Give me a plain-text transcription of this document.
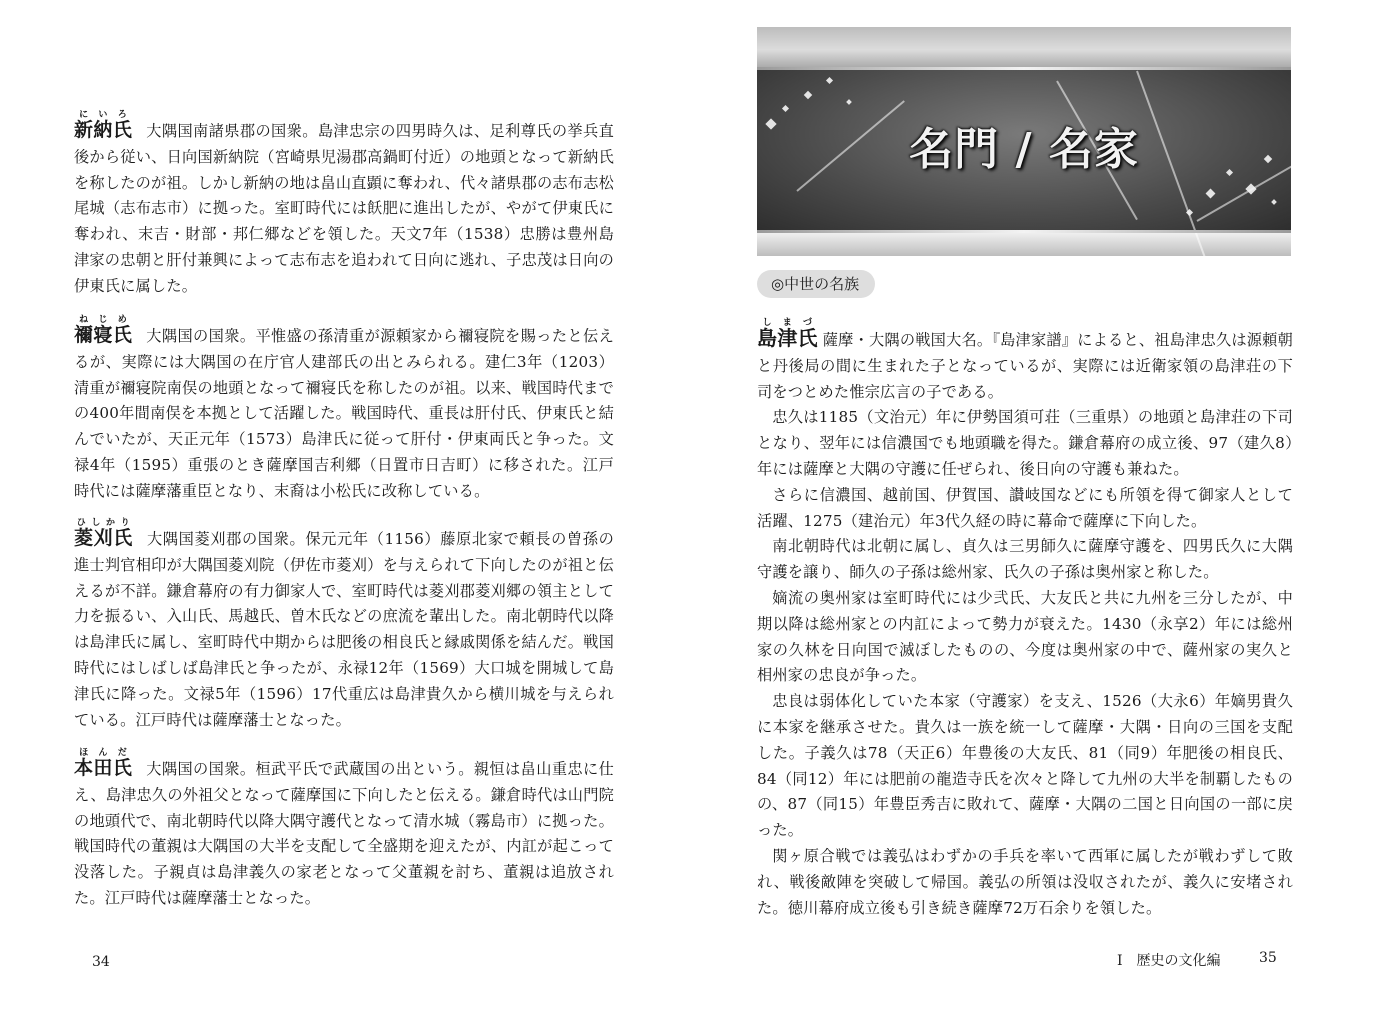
新納氏にいろ大隅国南諸県郡の国衆。島津忠宗の四男時久は、足利尊氏の挙兵直後から従い、日向国新納院（宮崎県児湯郡高鍋町付近）の地頭となって新納氏を称したのが祖。しかし新納の地は畠山直顕に奪われ、代々諸県郡の志布志松尾城（志布志市）に拠った。室町時代には飫肥に進出したが、やがて伊東氏に奪われ、末吉・財部・邦仁郷などを領した。天文7年（1538）忠勝は豊州島津家の忠朝と肝付兼興によって志布志を追われて日向に逃れ、子忠茂は日向の伊東氏に属した。
禰寝氏ねじめ大隅国の国衆。平惟盛の孫清重が源頼家から禰寝院を賜ったと伝えるが、実際には大隅国の在庁官人建部氏の出とみられる。建仁3年（1203）清重が禰寝院南俣の地頭となって禰寝氏を称したのが祖。以来、戦国時代までの400年間南俣を本拠として活躍した。戦国時代、重長は肝付氏、伊東氏と結んでいたが、天正元年（1573）島津氏に従って肝付・伊東両氏と争った。文禄4年（1595）重張のとき薩摩国吉利郷（日置市日吉町）に移された。江戸時代には薩摩藩重臣となり、末裔は小松氏に改称している。
菱刈氏ひしかり大隅国菱刈郡の国衆。保元元年（1156）藤原北家で頼長の曽孫の進士判官相印が大隅国菱刈院（伊佐市菱刈）を与えられて下向したのが祖と伝えるが不詳。鎌倉幕府の有力御家人で、室町時代は菱刈郡菱刈郷の領主として力を振るい、入山氏、馬越氏、曽木氏などの庶流を輩出した。南北朝時代以降は島津氏に属し、室町時代中期からは肥後の相良氏と縁戚関係を結んだ。戦国時代にはしばしば島津氏と争ったが、永禄12年（1569）大口城を開城して島津氏に降った。文禄5年（1596）17代重広は島津貴久から横川城を与えられている。江戸時代は薩摩藩士となった。
本田氏ほんだ大隅国の国衆。桓武平氏で武蔵国の出という。親恒は畠山重忠に仕え、島津忠久の外祖父となって薩摩国に下向したと伝える。鎌倉時代は山門院の地頭代で、南北朝時代以降大隅守護代となって清水城（霧島市）に拠った。戦国時代の董親は大隅国の大半を支配して全盛期を迎えたが、内訌が起こって没落した。子親貞は島津義久の家老となって父董親を討ち、董親は追放された。江戸時代は薩摩藩士となった。
34
名門 / 名家
◎中世の名族
島津氏しまづ

薩摩・大隅の戦国大名。『島津家譜』によると、祖島津忠久は源頼朝と丹後局の間に生まれた子となっているが、実際には近衛家領の島津荘の下司をつとめた惟宗広言の子である。

忠久は1185（文治元）年に伊勢国須可荘（三重県）の地頭と島津荘の下司となり、翌年には信濃国でも地頭職を得た。鎌倉幕府の成立後、97（建久8）年には薩摩と大隅の守護に任ぜられ、後日向の守護も兼ねた。

さらに信濃国、越前国、伊賀国、讃岐国などにも所領を得て御家人として活躍、1275（建治元）年3代久経の時に幕命で薩摩に下向した。

南北朝時代は北朝に属し、貞久は三男師久に薩摩守護を、四男氏久に大隅守護を譲り、師久の子孫は総州家、氏久の子孫は奥州家と称した。

嫡流の奥州家は室町時代には少弐氏、大友氏と共に九州を三分したが、中期以降は総州家との内訌によって勢力が衰えた。1430（永享2）年には総州家の久林を日向国で滅ぼしたものの、今度は奥州家の中で、薩州家の実久と相州家の忠良が争った。

忠良は弱体化していた本家（守護家）を支え、1526（大永6）年嫡男貴久に本家を継承させた。貴久は一族を統一して薩摩・大隅・日向の三国を支配した。子義久は78（天正6）年豊後の大友氏、81（同9）年肥後の相良氏、84（同12）年には肥前の龍造寺氏を次々と降して九州の大半を制覇したものの、87（同15）年豊臣秀吉に敗れて、薩摩・大隅の二国と日向国の一部に戻った。

関ヶ原合戦では義弘はわずかの手兵を率いて西軍に属したが戦わずして敗れ、戦後敵陣を突破して帰国。義弘の所領は没収されたが、義久に安堵された。徳川幕府成立後も引き続き薩摩72万石余りを領した。

Ⅰ　歴史の文化編	35
